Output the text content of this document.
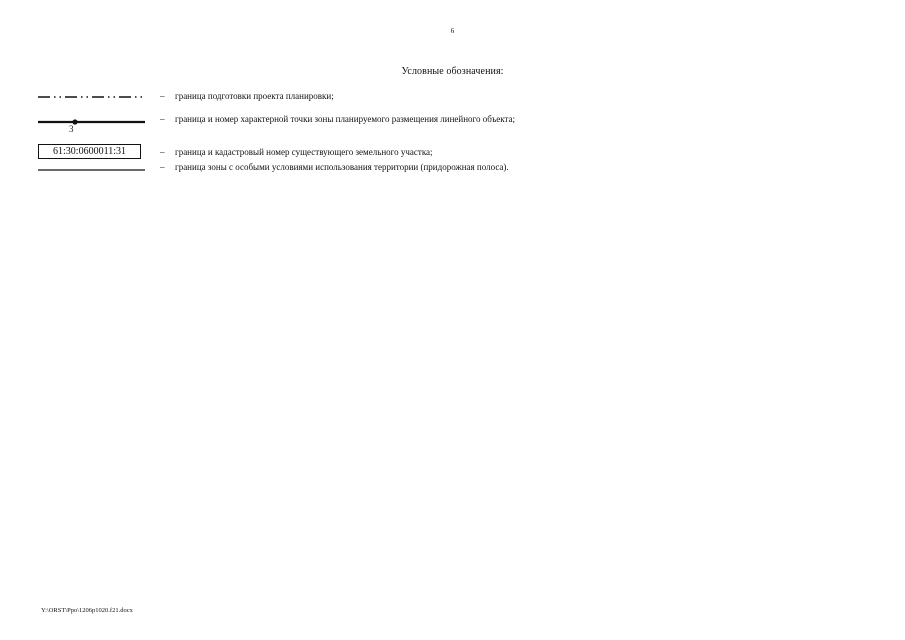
6
Условные обозначения:
– граница подготовки проекта планировки;
3
– граница и номер характерной точки зоны планируемого размещения линейного объекта;
61:30:0600011:31	– граница и кадастровый номер существующего земельного участка;
– граница зоны с особыми условиями использования территории (придорожная полоса).
Y:\ORST\Ppo\1206p1020.f21.docx
